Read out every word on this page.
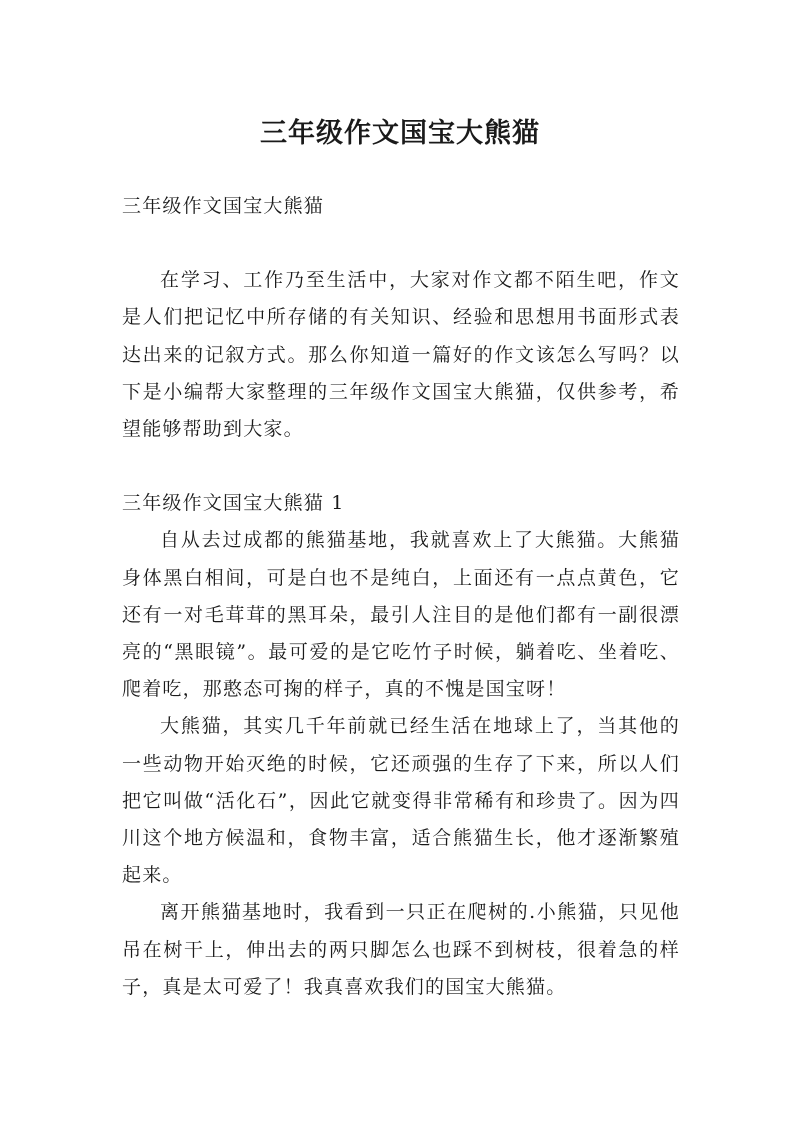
三年级作文国宝大熊猫

三年级作文国宝大熊猫

在学习、工作乃至生活中，大家对作文都不陌生吧，作文是人们把记忆中所存储的有关知识、经验和思想用书面形式表达出来的记叙方式。那么你知道一篇好的作文该怎么写吗？以下是小编帮大家整理的三年级作文国宝大熊猫，仅供参考，希望能够帮助到大家。

三年级作文国宝大熊猫 1

自从去过成都的熊猫基地，我就喜欢上了大熊猫。大熊猫身体黑白相间，可是白也不是纯白，上面还有一点点黄色，它还有一对毛茸茸的黑耳朵，最引人注目的是他们都有一副很漂亮的“黑眼镜”。最可爱的是它吃竹子时候，躺着吃、坐着吃、爬着吃，那憨态可掬的样子，真的不愧是国宝呀！

大熊猫，其实几千年前就已经生活在地球上了，当其他的一些动物开始灭绝的时候，它还顽强的生存了下来，所以人们把它叫做“活化石”，因此它就变得非常稀有和珍贵了。因为四川这个地方候温和，食物丰富，适合熊猫生长，他才逐渐繁殖起来。

离开熊猫基地时，我看到一只正在爬树的.小熊猫，只见他吊在树干上，伸出去的两只脚怎么也踩不到树枝，很着急的样子，真是太可爱了！我真喜欢我们的国宝大熊猫。
